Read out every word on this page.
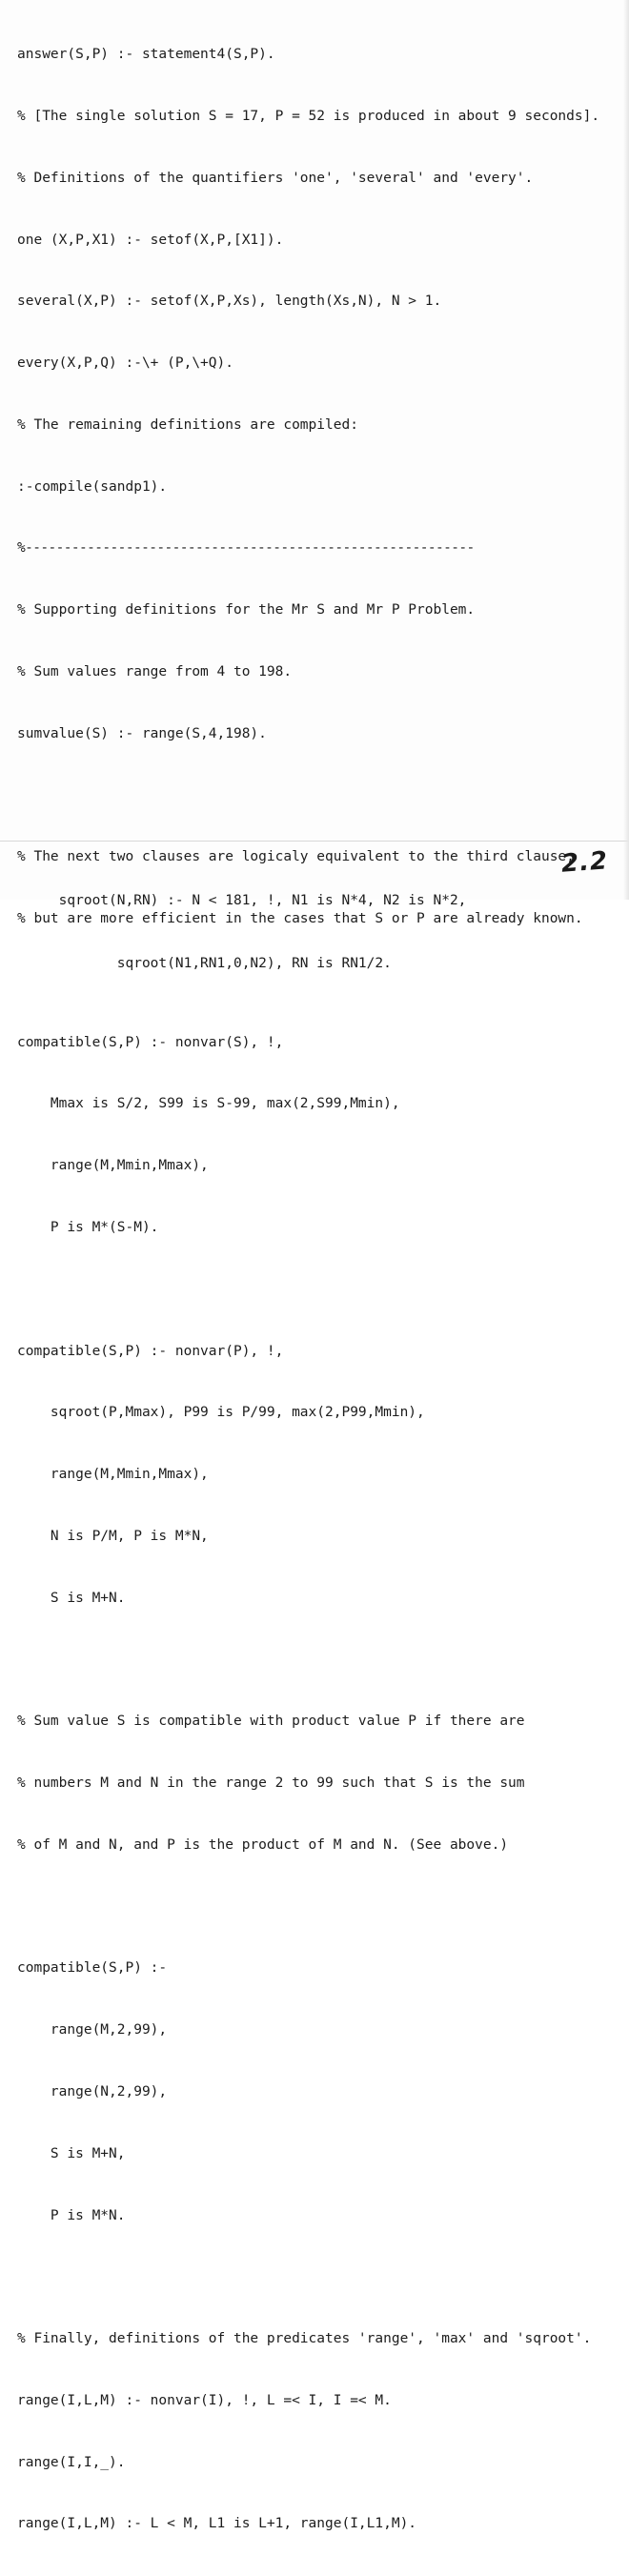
answer(S,P) :- statement4(S,P).

% [The single solution S = 17, P = 52 is produced in about 9 seconds].

% Definitions of the quantifiers 'one', 'several' and 'every'.

one (X,P,X1) :- setof(X,P,[X1]).

several(X,P) :- setof(X,P,Xs), length(Xs,N), N > 1.

every(X,P,Q) :-\+ (P,\+Q).

% The remaining definitions are compiled:

:-compile(sandp1).

%----------------------------------------------------------

% Supporting definitions for the Mr S and Mr P Problem.

% Sum values range from 4 to 198.

sumvalue(S) :- range(S,4,198).

% The next two clauses are logicaly equivalent to the third clause,

% but are more efficient in the cases that S or P are already known.

compatible(S,P) :- nonvar(S), !,

Mmax is S/2, S99 is S-99, max(2,S99,Mmin),

range(M,Mmin,Mmax),

P is M*(S-M).

compatible(S,P) :- nonvar(P), !,

sqroot(P,Mmax), P99 is P/99, max(2,P99,Mmin),

range(M,Mmin,Mmax),

N is P/M, P is M*N,

S is M+N.

% Sum value S is compatible with product value P if there are

% numbers M and N in the range 2 to 99 such that S is the sum

% of M and N, and P is the product of M and N. (See above.)

compatible(S,P) :-

range(M,2,99),

range(N,2,99),

S is M+N,

P is M*N.

% Finally, definitions of the predicates 'range', 'max' and 'sqroot'.

range(I,L,M) :- nonvar(I), !, L =< I, I =< M.

range(I,I,_).

range(I,L,M) :- L < M, L1 is L+1, range(I,L1,M).

sqroot(N,RN) :- N < 181, !, N1 is N*4, N2 is N*2,

sqroot(N1,RN1,0,N2), RN is RN1/2.

2.2
